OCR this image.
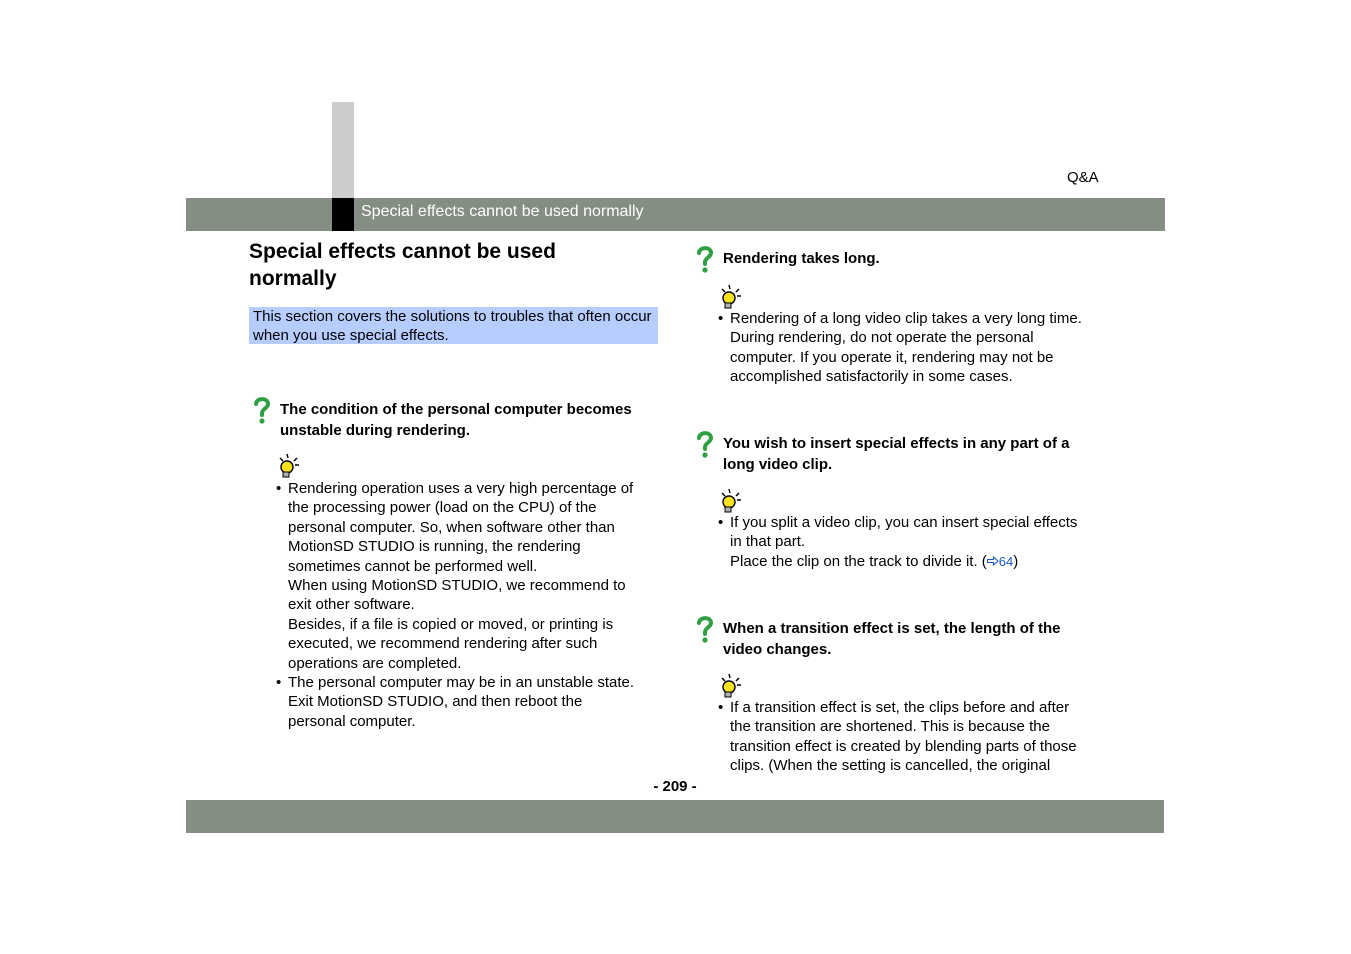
Q&A
Special effects cannot be used normally
Special effects cannot be used normally
This section covers the solutions to troubles that often occur when you use special effects.

The condition of the personal computer becomes
unstable during rendering.

• Rendering operation uses a very high percentage of
the processing power (load on the CPU) of the
personal computer. So, when software other than
MotionSD STUDIO is running, the rendering
sometimes cannot be performed well.
When using MotionSD STUDIO, we recommend to
exit other software.
Besides, if a file is copied or moved, or printing is
executed, we recommend rendering after such
operations are completed.
• The personal computer may be in an unstable state.
Exit MotionSD STUDIO, and then reboot the
personal computer.

Rendering takes long.

• Rendering of a long video clip takes a very long time.
During rendering, do not operate the personal
computer. If you operate it, rendering may not be
accomplished satisfactorily in some cases.

You wish to insert special effects in any part of a
long video clip.

• If you split a video clip, you can insert special effects
in that part.
Place the clip on the track to divide it. ( 64)

When a transition effect is set, the length of the
video changes.

• If a transition effect is set, the clips before and after
the transition are shortened. This is because the
transition effect is created by blending parts of those
clips. (When the setting is cancelled, the original
- 209 -
